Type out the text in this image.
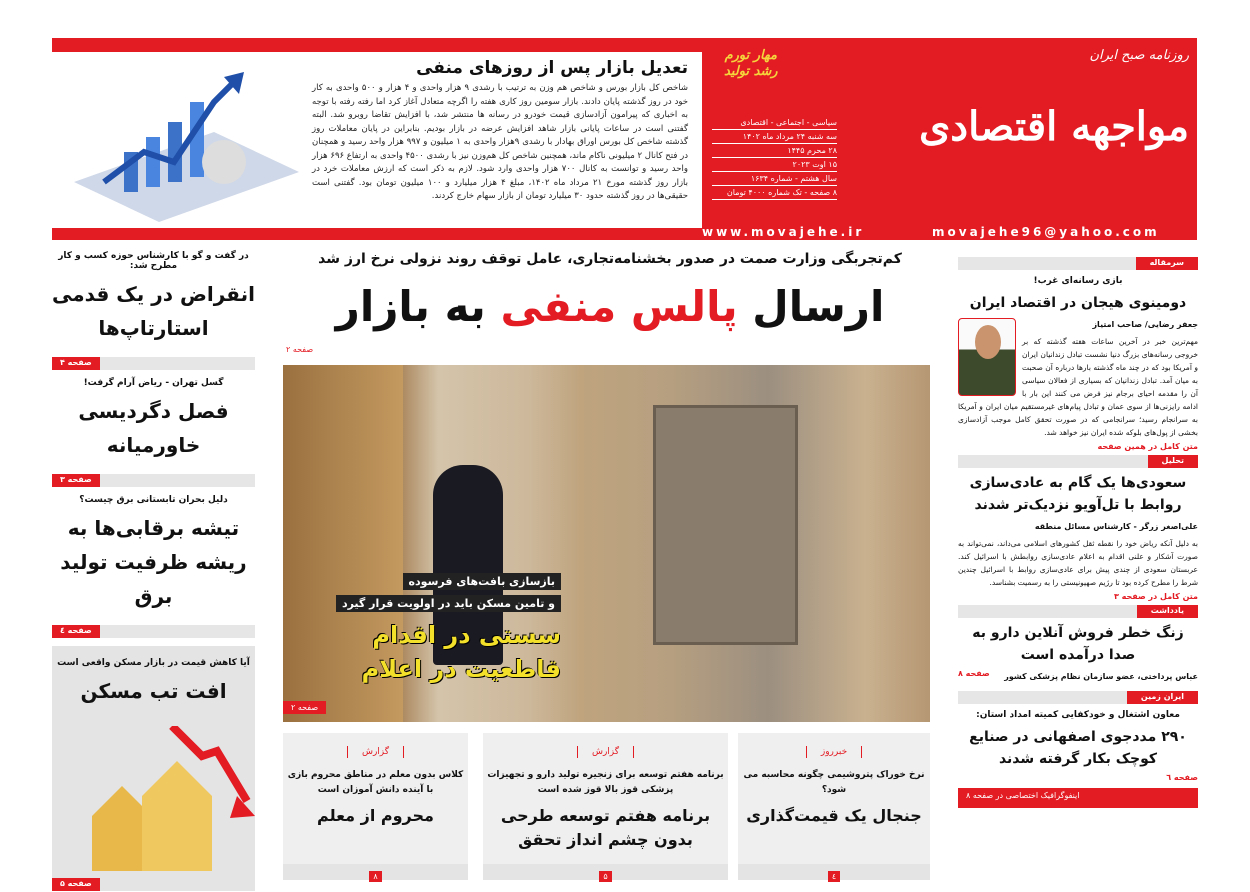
تعدیل بازار پس از روزهای منفی

شاخص کل بازار بورس و شاخص هم وزن به ترتیب با رشدی ۹ هزار واحدی و ۴ هزار و ۵۰۰ واحدی به کار خود در روز گذشته پایان دادند. بازار سومین روز کاری هفته را اگرچه متعادل آغاز کرد اما رفته رفته با توجه به اخباری که پیرامون آزادسازی قیمت خودرو در رسانه ها منتشر شد، با افزایش تقاضا روبرو شد. البته گفتنی است در ساعات پایانی بازار شاهد افزایش عرضه در بازار بودیم. بنابراین در پایان معاملات روز گذشته شاخص کل بورس اوراق بهادار با رشدی ۹هزار واحدی به ۱ میلیون و ۹۹۷ هزار واحد رسید و همچنان در فتح کانال ۲ میلیونی ناکام ماند، همچنین شاخص کل هم‌وزن نیز با رشدی ۴۵۰۰ واحدی به ارتفاع ۶۹۶ هزار واحد رسید و توانست به کانال ۷۰۰ هزار واحدی وارد شود. لازم به ذکر است که ارزش معاملات خرد در بازار روز گذشته مورخ ۲۱ مرداد ماه ۱۴۰۲، مبلغ ۴ هزار میلیارد و ۱۰۰ میلیون تومان بود. گفتنی است حقیقی‌ها در روز گذشته حدود ۳۰ میلیارد تومان از بازار سهام خارج کردند.

روزنامه صبح ایران
مواجهه اقتصادی
مهار تورم
رشد تولید
سیاسی - اجتماعی - اقتصادی
سه شنبه ۲۴ مرداد ماه ۱۴۰۲
۲۸ محرم ۱۴۴۵
۱۵ اوت ۲۰۲۳
سال هشتم - شماره ۱۶۳۴
۸ صفحه - تک شماره ۴۰۰۰ تومان
www.movajehe.ir	movajehe96@yahoo.com
در گفت و گو با کارشناس حوزه کسب و کار مطرح شد:
انقراض در یک قدمی استارتاپ‌ها
صفحه ۴
گسل تهران - ریاض آرام گرفت!
فصل دگردیسی خاورمیانه
صفحه ۳
دلیل بحران تابستانی برق چیست؟
تیشه برقابی‌ها به ریشه ظرفیت تولید برق
صفحه ٤
آیا کاهش قیمت در بازار مسکن واقعی است
افت تب مسکن
صفحه ۵
کم‌تجربگی وزارت صمت در صدور بخشنامه‌تجاری، عامل توقف روند نزولی نرخ ارز شد
ارسال پالس منفی به بازار
صفحه ۲
بازسازی بافت‌های فرسوده
و تامین مسکن باید در اولویت قرار گیرد
سستی در اقدام قاطعیت در اعلام
صفحه ۲
خبرروز
نرخ خوراک پتروشیمی چگونه محاسبه می شود؟
جنجال یک قیمت‌گذاری
٤
گزارش
برنامه هفتم توسعه برای زنجیره تولید دارو و تجهیزات پزشکی قوز بالا قوز شده است
برنامه هفتم توسعه طرحی بدون چشم انداز تحقق
۵
گزارش
کلاس بدون معلم در مناطق محروم بازی با آینده دانش آموزان است
محروم از معلم
۸
سرمقاله
بازی رسانه‌ای غرب!
دومینوی هیجان در اقتصاد ایران
جعفر رضایی/ صاحب امتیاز
مهم‌ترین خبر در آخرین ساعات هفته گذشته که بر خروجی رسانه‌های بزرگ دنیا نشست تبادل زندانیان ایران و آمریکا بود که در چند ماه گذشته بارها درباره آن صحبت به میان آمد. تبادل زندانیان که بسیاری از فعالان سیاسی آن را مقدمه احیای برجام نیز فرض می کنند این بار با ادامه رایزنی‌ها از سوی عمان و تبادل پیام‌های غیرمستقیم میان ایران و آمریکا به سرانجام رسید؛ سرانجامی که در صورت تحقق کامل موجب آزادسازی بخشی از پول‌های بلوکه شده ایران نیز خواهد شد.
متن کامل در همین صفحه
تحلیل
سعودی‌ها یک گام به عادی‌سازی روابط با تل‌آویو نزدیک‌تر شدند
علی‌اصغر زرگر - کارشناس مسائل منطقه
به دلیل آنکه ریاض خود را نقطه ثقل کشورهای اسلامی می‌داند، نمی‌تواند به صورت آشکار و علنی اقدام به اعلام عادی‌سازی روابطش با اسرائیل کند. عربستان سعودی از چندی پیش برای عادی‌سازی روابط با اسرائیل چندین شرط را مطرح کرده بود تا رژیم صهیونیستی را به رسمیت بشناسد.
متن کامل در صفحه ۳
یادداشت
زنگ خطر فروش آنلاین دارو به صدا درآمده است
عباس پرداختی، عضو سازمان نظام پزشکی کشور
صفحه ۸
ایران زمین
معاون اشتغال و خودکفایی کمیته امداد استان:
۲۹۰ مددجوی اصفهانی در صنایع کوچک بکار گرفته شدند
صفحه ٦
اینفوگرافیک اختصاصی در صفحه ۸
